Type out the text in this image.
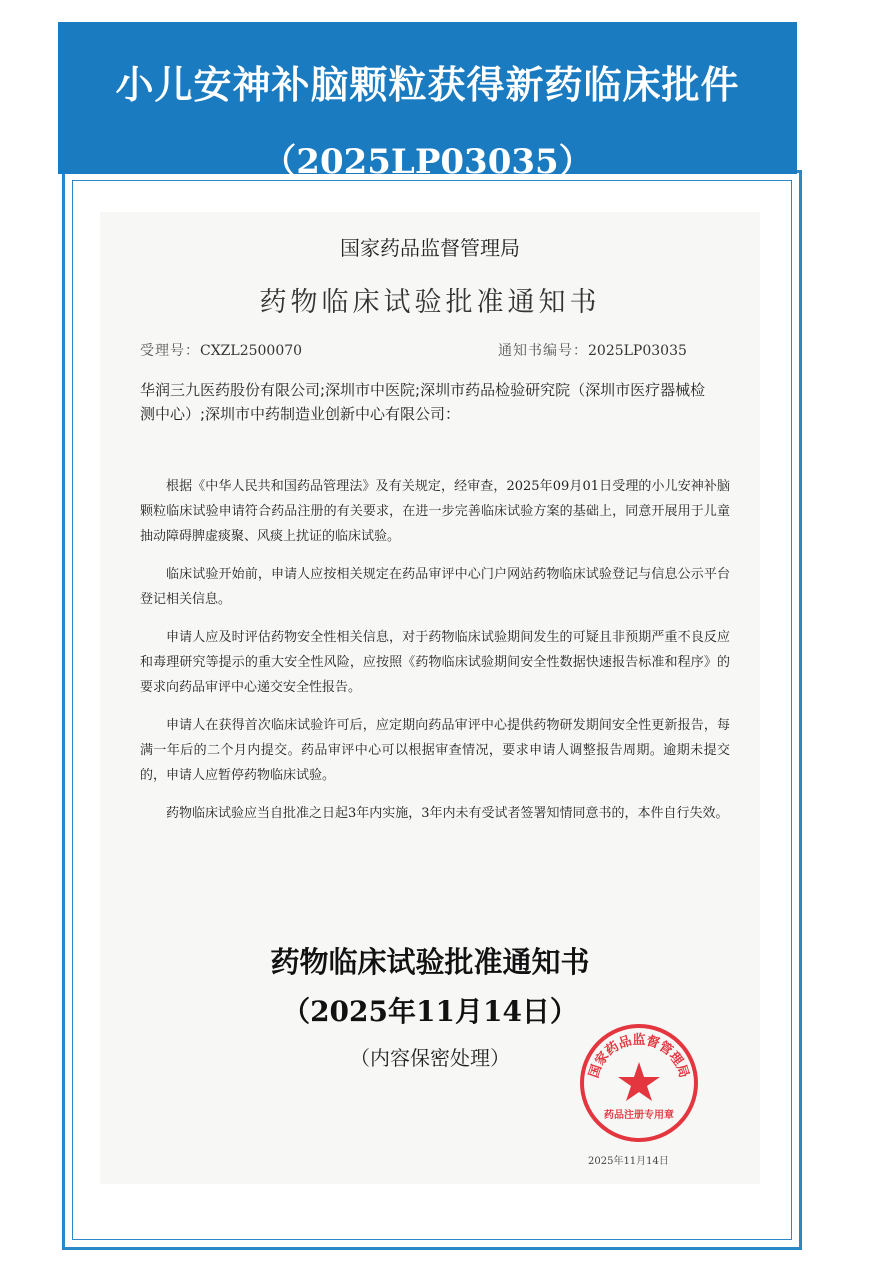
小儿安神补脑颗粒获得新药临床批件
（2025LP03035）
国家药品监督管理局
药物临床试验批准通知书
受理号：CXZL2500070	通知书编号：2025LP03035
华润三九医药股份有限公司;深圳市中医院;深圳市药品检验研究院（深圳市医疗器械检测中心）;深圳市中药制造业创新中心有限公司：

根据《中华人民共和国药品管理法》及有关规定，经审查，2025年09月01日受理的小儿安神补脑颗粒临床试验申请符合药品注册的有关要求，在进一步完善临床试验方案的基础上，同意开展用于儿童抽动障碍脾虚痰聚、风痰上扰证的临床试验。

临床试验开始前，申请人应按相关规定在药品审评中心门户网站药物临床试验登记与信息公示平台登记相关信息。

申请人应及时评估药物安全性相关信息，对于药物临床试验期间发生的可疑且非预期严重不良反应和毒理研究等提示的重大安全性风险，应按照《药物临床试验期间安全性数据快速报告标准和程序》的要求向药品审评中心递交安全性报告。

申请人在获得首次临床试验许可后，应定期向药品审评中心提供药物研发期间安全性更新报告，每满一年后的二个月内提交。药品审评中心可以根据审查情况，要求申请人调整报告周期。逾期未提交的，申请人应暂停药物临床试验。

药物临床试验应当自批准之日起3年内实施，3年内未有受试者签署知情同意书的，本件自行失效。

药物临床试验批准通知书
（2025年11月14日）
（内容保密处理）
国家药品监督管理局
药品注册专用章
2025年11月14日
